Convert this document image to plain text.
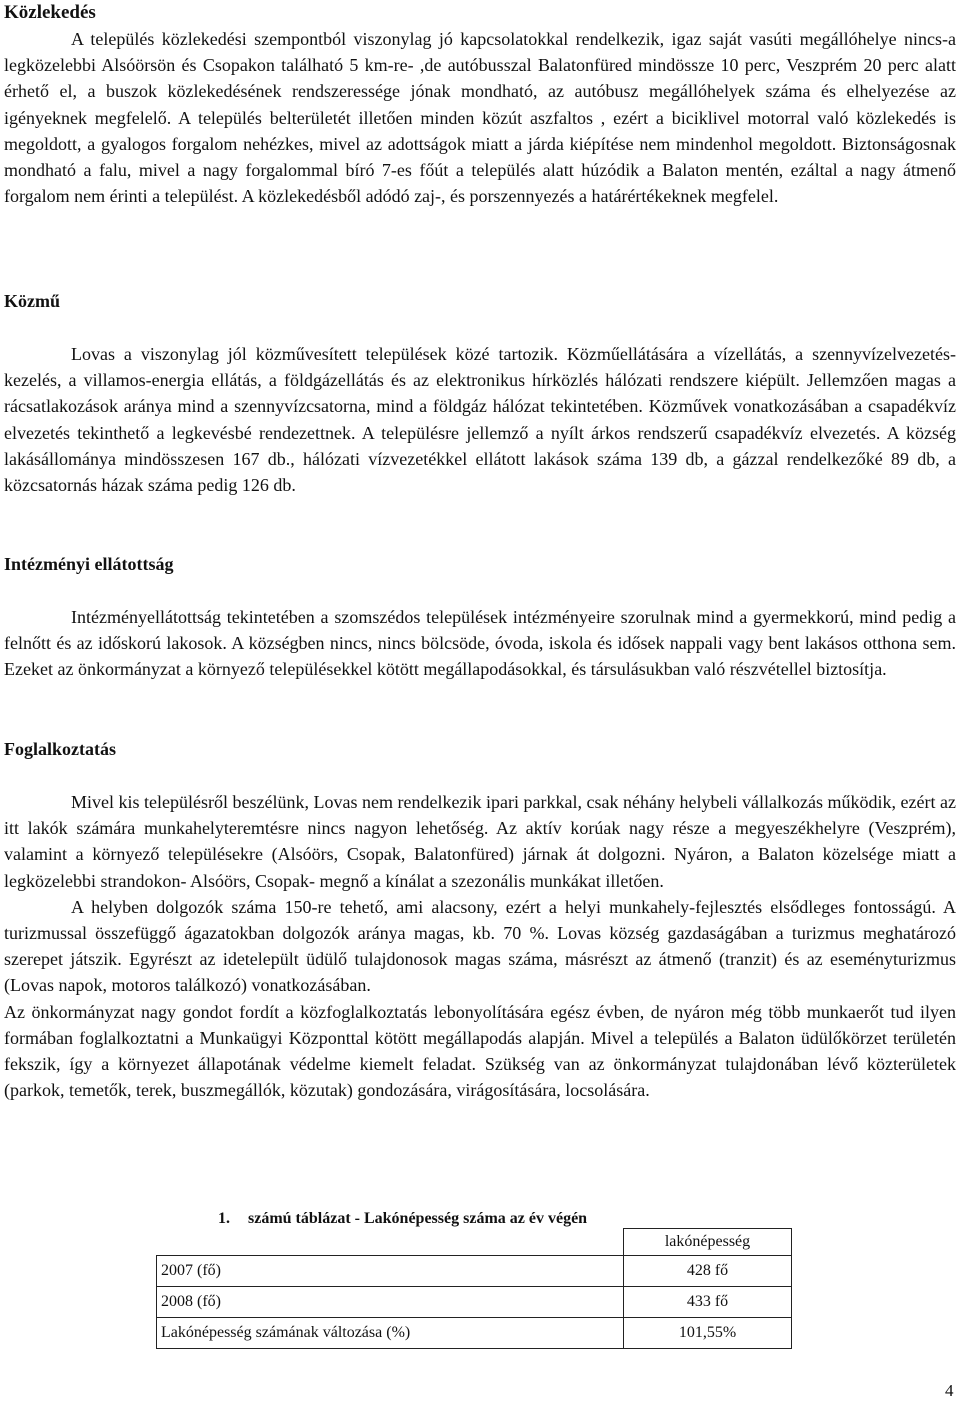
Közlekedés

A település közlekedési szempontból viszonylag jó kapcsolatokkal rendelkezik, igaz saját vasúti megállóhelye nincs-a legközelebbi Alsóörsön és Csopakon található 5 km-re- ,de autóbusszal Balatonfüred mindössze 10 perc, Veszprém 20 perc alatt érhető el, a buszok közlekedésének rendszeressége jónak mondható, az autóbusz megállóhelyek száma és elhelyezése az igényeknek megfelelő. A település belterületét illetően minden közút aszfaltos , ezért a biciklivel motorral való közlekedés is megoldott, a gyalogos forgalom nehézkes, mivel az adottságok miatt a járda kiépítése nem mindenhol megoldott. Biztonságosnak mondható a falu, mivel a nagy forgalommal bíró 7-es főút a település alatt húzódik a Balaton mentén, ezáltal a nagy átmenő forgalom nem érinti a települést. A közlekedésből adódó zaj-, és porszennyezés a határértékeknek megfelel.

Közmű

Lovas a viszonylag jól közművesített települések közé tartozik. Közműellátására a vízellátás, a szennyvízelvezetés-kezelés, a villamos-energia ellátás, a földgázellátás és az elektronikus hírközlés hálózati rendszere kiépült. Jellemzően magas a rácsatlakozások aránya mind a szennyvízcsatorna, mind a földgáz hálózat tekintetében. Közművek vonatkozásában a csapadékvíz elvezetés tekinthető a legkevésbé rendezettnek. A településre jellemző a nyílt árkos rendszerű csapadékvíz elvezetés. A község lakásállománya mindösszesen 167 db., hálózati vízvezetékkel ellátott lakások száma 139 db, a gázzal rendelkezőké 89 db, a közcsatornás házak száma pedig 126 db.

Intézményi ellátottság

Intézményellátottság tekintetében a szomszédos települések intézményeire szorulnak mind a gyermekkorú, mind pedig a felnőtt és az időskorú lakosok. A községben nincs, nincs bölcsöde, óvoda, iskola és idősek nappali vagy bent lakásos otthona sem. Ezeket az önkormányzat a környező településekkel kötött megállapodásokkal, és társulásukban való részvétellel biztosítja.

Foglalkoztatás

Mivel kis településről beszélünk, Lovas nem rendelkezik ipari parkkal, csak néhány helybeli vállalkozás működik, ezért az itt lakók számára munkahelyteremtésre nincs nagyon lehetőség. Az aktív korúak nagy része a megyeszékhelyre (Veszprém), valamint a környező településekre (Alsóörs, Csopak, Balatonfüred) járnak át dolgozni. Nyáron, a Balaton közelsége miatt a legközelebbi strandokon- Alsóörs, Csopak- megnő a kínálat a szezonális munkákat illetően.

A helyben dolgozók száma 150-re tehető, ami alacsony, ezért a helyi munkahely-fejlesztés elsődleges fontosságú. A turizmussal összefüggő ágazatokban dolgozók aránya magas, kb. 70 %. Lovas község gazdaságában a turizmus meghatározó szerepet játszik. Egyrészt az idetelepült üdülő tulajdonosok magas száma, másrészt az átmenő (tranzit) és az eseményturizmus (Lovas napok, motoros találkozó) vonatkozásában.

Az önkormányzat nagy gondot fordít a közfoglalkoztatás lebonyolítására egész évben, de nyáron még több munkaerőt tud ilyen formában foglalkoztatni a Munkaügyi Központtal kötött megállapodás alapján. Mivel a település a Balaton üdülőkörzet területén fekszik, így a környezet állapotának védelme kiemelt feladat. Szükség van az önkormányzat tulajdonában lévő közterületek (parkok, temetők, terek, buszmegállók, közutak) gondozására, virágosítására, locsolására.

1. számú táblázat - Lakónépesség száma az év végén
	lakónépesség
2007 (fő)	428 fő
2008 (fő)	433 fő
Lakónépesség számának változása (%)	101,55%
4
